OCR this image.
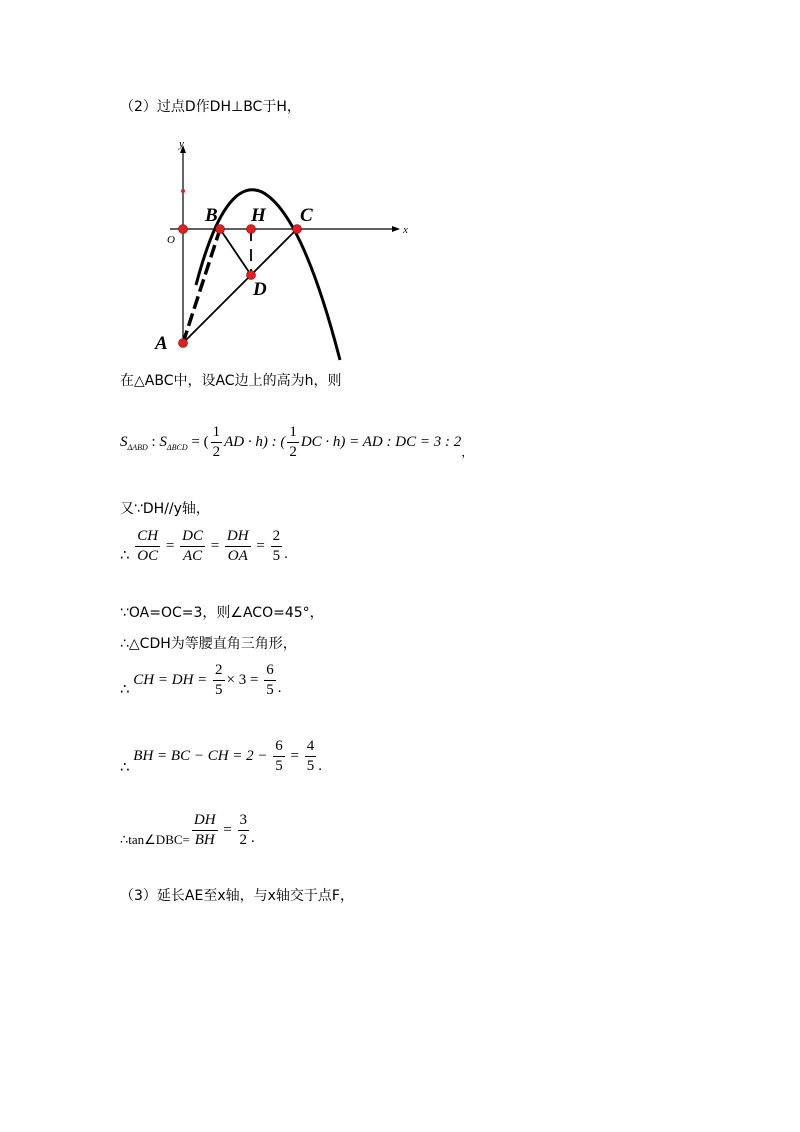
（2）过点D作DH⊥BC于H，
y
x
O
B H C
D
A
在△ABC中，设AC边上的高为h，则
$S_{\Delta ABD}$ : $S_{\Delta BCD}$ = ( $\frac{1}{2}$ AD · h) : ( $\frac{1}{2}$ DC · h) = AD : DC = 3 : $2_,$
又∵DH//y轴，
∴ $\frac{CH}{OC} = \frac{DC}{AC} = \frac{DH}{OA} = \frac{2}{5}$ .
∵OA=OC=3，则∠ACO=45°，
∴△CDH为等腰直角三角形，
∴ CH = DH = $\frac{2}{5} \times 3 = \frac{6}{5}$ .
∴ BH = BC − CH = $2 - \frac{6}{5} = \frac{4}{5}$ .
∴tan∠DBC= $\frac{DH}{BH} = \frac{3}{2}$ .
（3）延长AE至x轴，与x轴交于点F，
